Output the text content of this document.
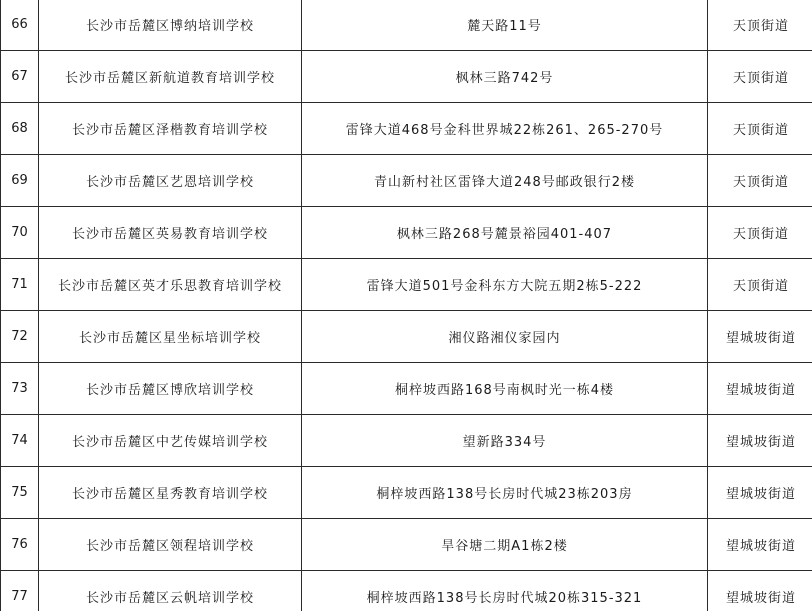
66	长沙市岳麓区博纳培训学校	麓天路11号	天顶街道
67	长沙市岳麓区新航道教育培训学校	枫林三路742号	天顶街道
68	长沙市岳麓区泽楷教育培训学校	雷锋大道468号金科世界城22栋261、265-270号	天顶街道
69	长沙市岳麓区艺恩培训学校	青山新村社区雷锋大道248号邮政银行2楼	天顶街道
70	长沙市岳麓区英易教育培训学校	枫林三路268号麓景裕园401-407	天顶街道
71	长沙市岳麓区英才乐思教育培训学校	雷锋大道501号金科东方大院五期2栋5-222	天顶街道
72	长沙市岳麓区星坐标培训学校	湘仪路湘仪家园内	望城坡街道
73	长沙市岳麓区博欣培训学校	桐梓坡西路168号南枫时光一栋4楼	望城坡街道
74	长沙市岳麓区中艺传媒培训学校	望新路334号	望城坡街道
75	长沙市岳麓区星秀教育培训学校	桐梓坡西路138号长房时代城23栋203房	望城坡街道
76	长沙市岳麓区领程培训学校	旱谷塘二期A1栋2楼	望城坡街道
77	长沙市岳麓区云帆培训学校	桐梓坡西路138号长房时代城20栋315-321	望城坡街道
